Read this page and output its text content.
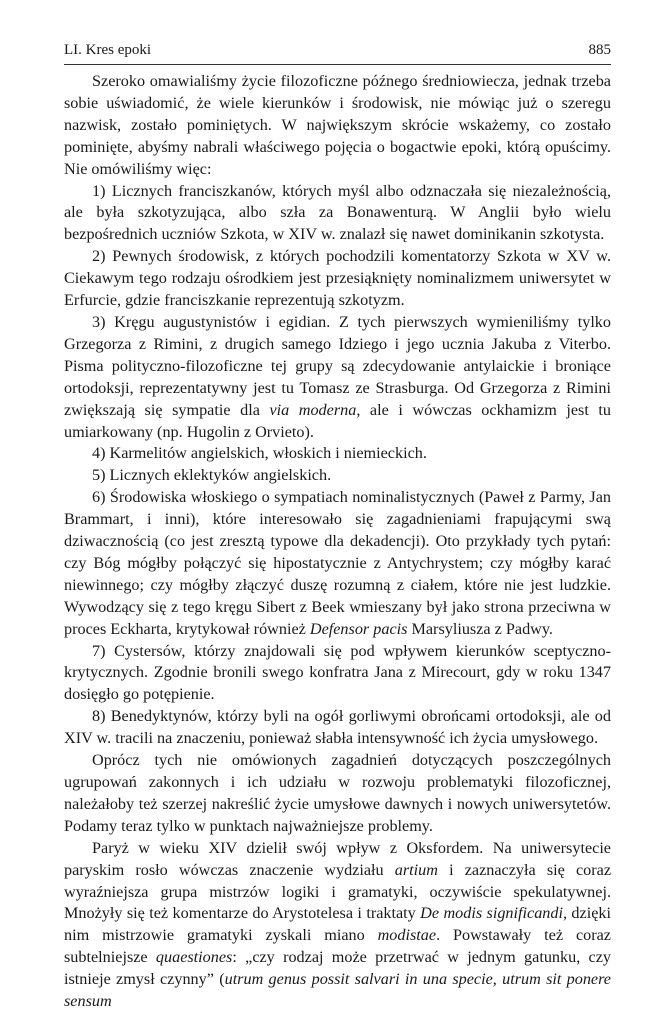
LI. Kres epoki	885

Szeroko omawialiśmy życie filozoficzne późnego średniowiecza, jednak trzeba sobie uświadomić, że wiele kierunków i środowisk, nie mówiąc już o szeregu nazwisk, zostało pominiętych. W największym skrócie wskażemy, co zostało pominięte, abyśmy nabrali właściwego pojęcia o bogactwie epoki, którą opuścimy. Nie omówiliśmy więc:

1) Licznych franciszkanów, których myśl albo odznaczała się niezależnością, ale była szkotyzująca, albo szła za Bonawenturą. W Anglii było wielu bezpośrednich uczniów Szkota, w XIV w. znalazł się nawet dominikanin szkotysta.

2) Pewnych środowisk, z których pochodzili komentatorzy Szkota w XV w. Ciekawym tego rodzaju ośrodkiem jest przesiąknięty nominalizmem uniwersytet w Erfurcie, gdzie franciszkanie reprezentują szkotyzm.

3) Kręgu augustynistów i egidian. Z tych pierwszych wymieniliśmy tylko Grzegorza z Rimini, z drugich samego Idziego i jego ucznia Jakuba z Viterbo. Pisma polityczno-filozoficzne tej grupy są zdecydowanie antylaickie i broniące ortodoksji, reprezentatywny jest tu Tomasz ze Strasburga. Od Grzegorza z Rimini zwiększają się sympatie dla via moderna, ale i wówczas ockhamizm jest tu umiarkowany (np. Hugolin z Orvieto).

4) Karmelitów angielskich, włoskich i niemieckich.

5) Licznych eklektyków angielskich.

6) Środowiska włoskiego o sympatiach nominalistycznych (Paweł z Parmy, Jan Brammart, i inni), które interesowało się zagadnieniami frapującymi swą dziwacznością (co jest zresztą typowe dla dekadencji). Oto przykłady tych pytań: czy Bóg mógłby połączyć się hipostatycznie z Antychrystem; czy mógłby karać niewinnego; czy mógłby złączyć duszę rozumną z ciałem, które nie jest ludzkie. Wywodzący się z tego kręgu Sibert z Beek wmieszany był jako strona przeciwna w proces Eckharta, krytykował również Defensor pacis Marsyliusza z Padwy.

7) Cystersów, którzy znajdowali się pod wpływem kierunków sceptyczno-krytycznych. Zgodnie bronili swego konfratra Jana z Mirecourt, gdy w roku 1347 dosięgło go potępienie.

8) Benedyktynów, którzy byli na ogół gorliwymi obrońcami ortodoksji, ale od XIV w. tracili na znaczeniu, ponieważ słabła intensywność ich życia umysłowego.

Oprócz tych nie omówionych zagadnień dotyczących poszczególnych ugrupowań zakonnych i ich udziału w rozwoju problematyki filozoficznej, należałoby też szerzej nakreślić życie umysłowe dawnych i nowych uniwersytetów. Podamy teraz tylko w punktach najważniejsze problemy.

Paryż w wieku XIV dzielił swój wpływ z Oksfordem. Na uniwersytecie paryskim rosło wówczas znaczenie wydziału artium i zaznaczyła się coraz wyraźniejsza grupa mistrzów logiki i gramatyki, oczywiście spekulatywnej. Mnożyły się też komentarze do Arystotelesa i traktaty De modis significandi, dzięki nim mistrzowie gramatyki zyskali miano modistae. Powstawały też coraz subtelniejsze quaestiones: „czy rodzaj może przetrwać w jednym gatunku, czy istnieje zmysł czynny” (utrum genus possit salvari in una specie, utrum sit ponere sensum
